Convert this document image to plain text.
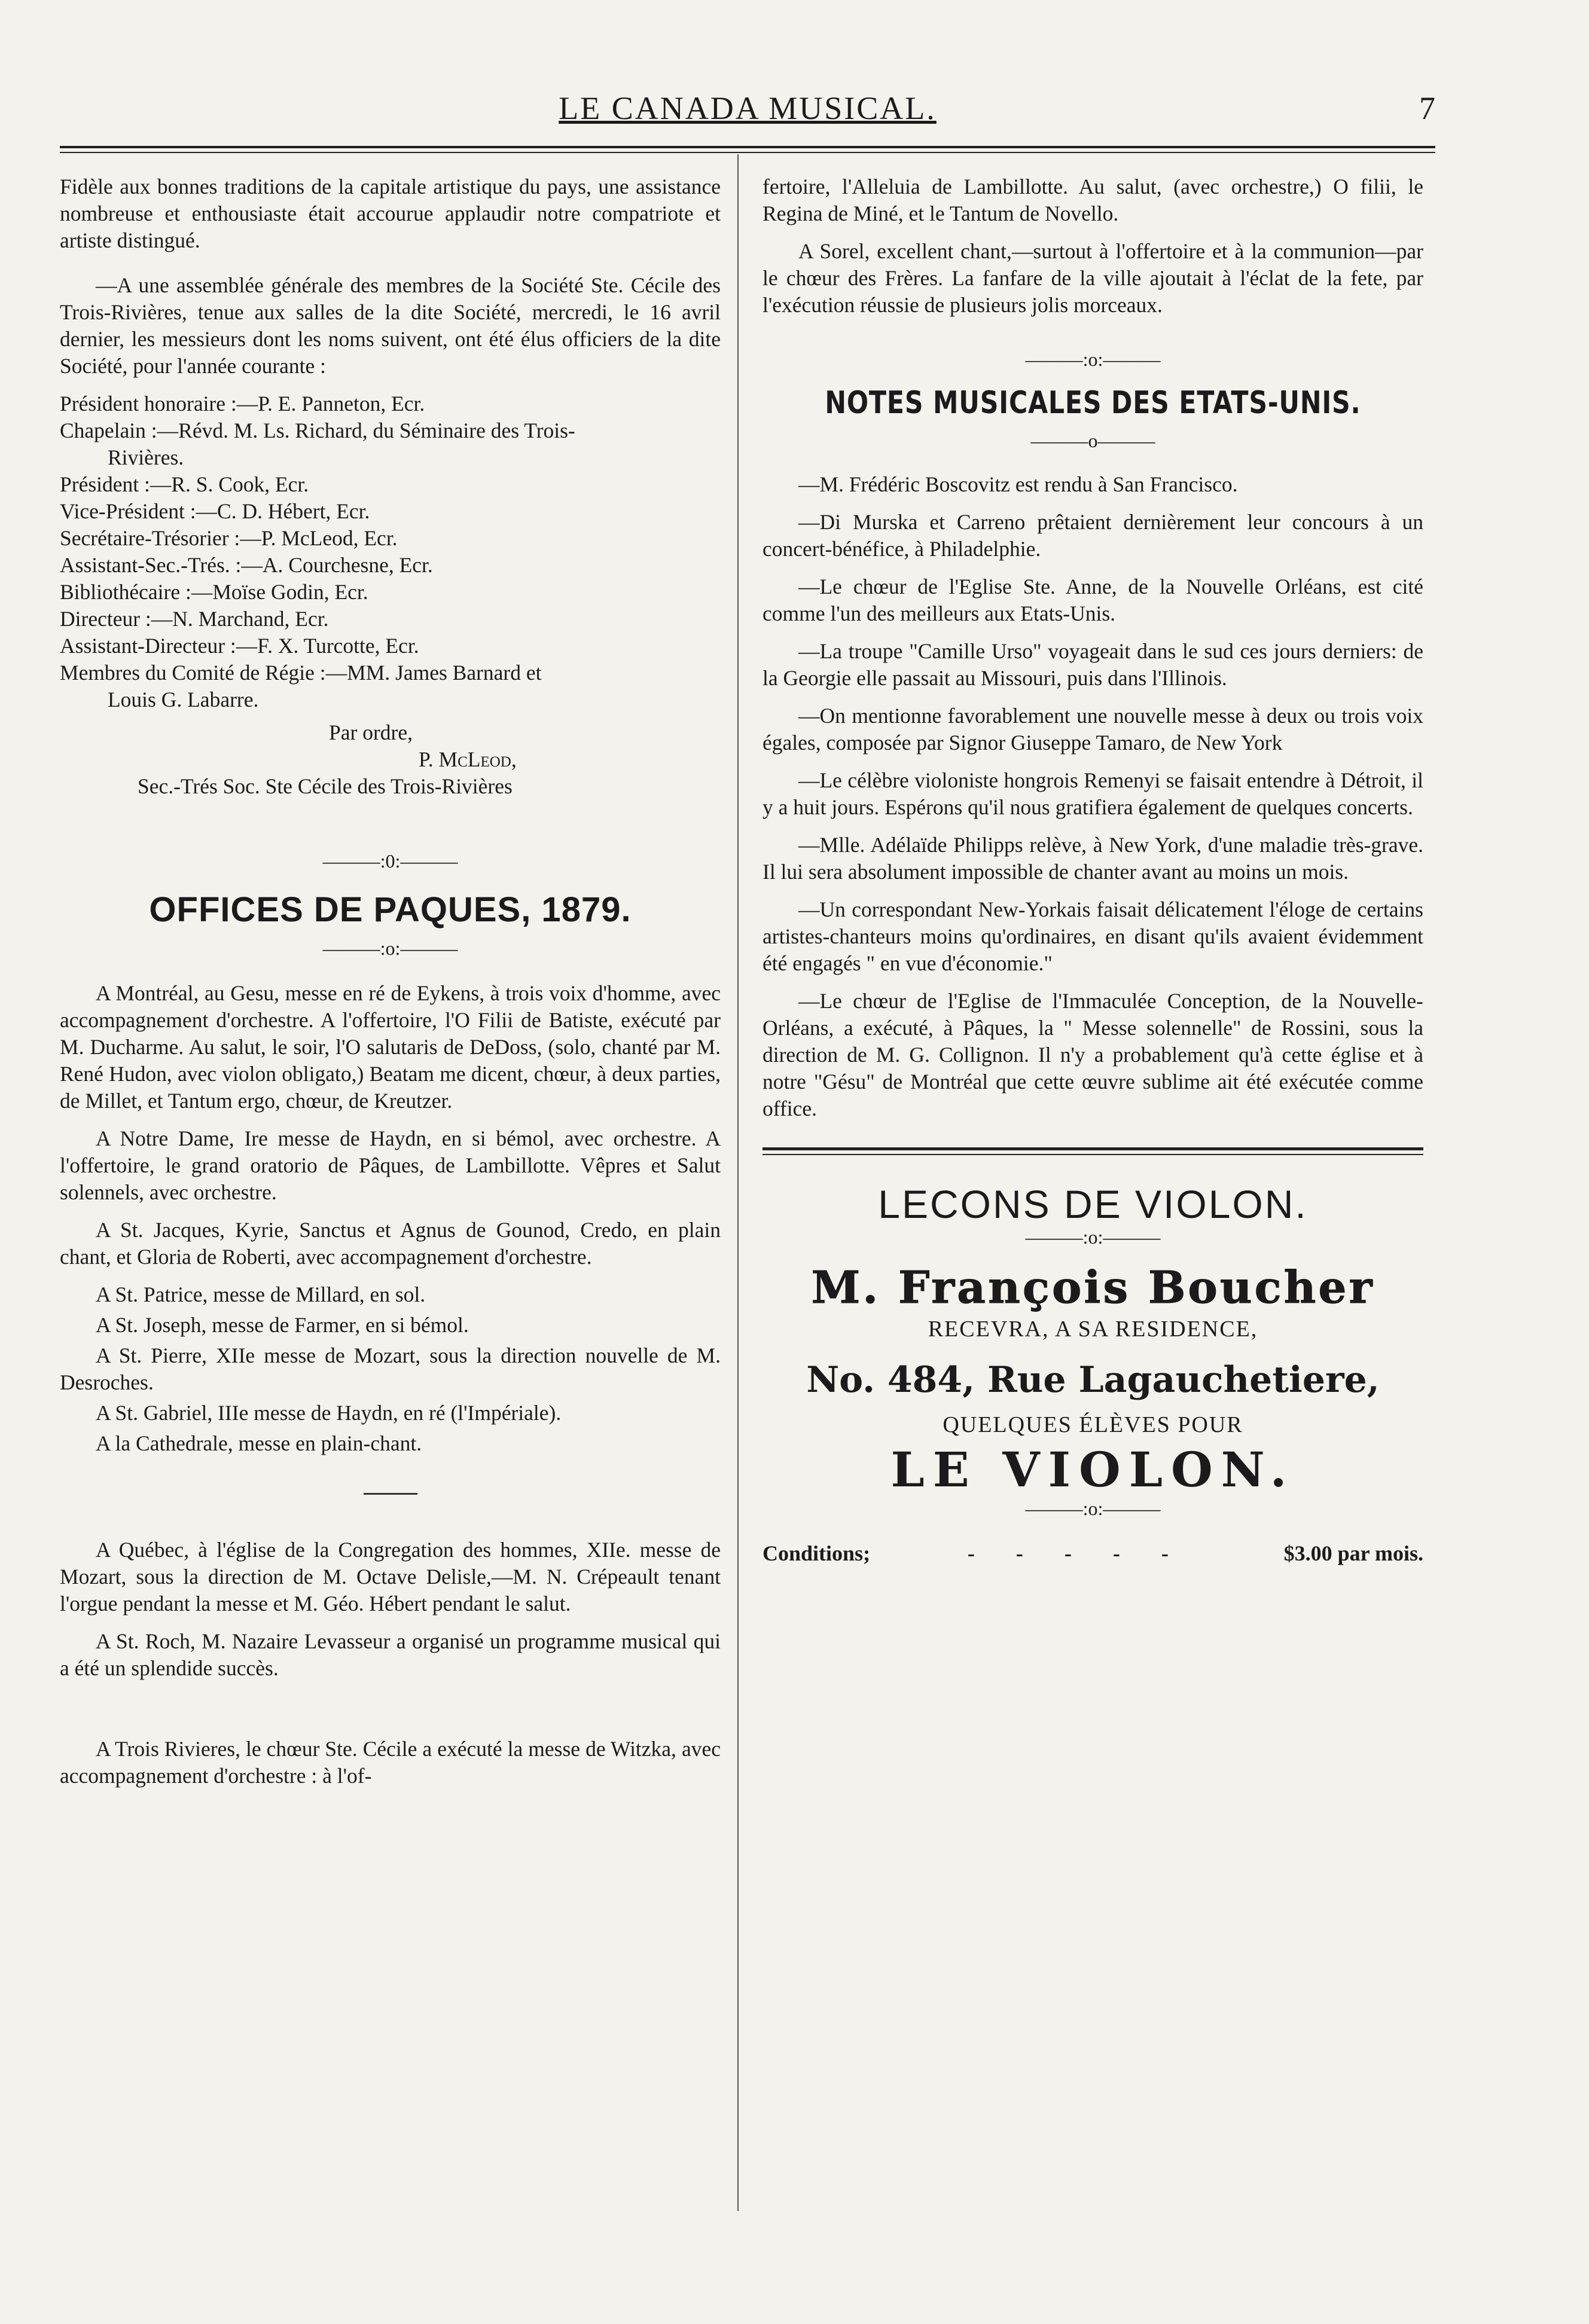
LE CANADA MUSICAL.	7

Fidèle aux bonnes traditions de la capitale artistique du pays, une assistance nombreuse et enthousiaste était accourue applaudir notre compatriote et artiste distingué.

—A une assemblée générale des membres de la Société Ste. Cécile des Trois-Rivières, tenue aux salles de la dite Société, mercredi, le 16 avril dernier, les messieurs dont les noms suivent, ont été élus officiers de la dite Société, pour l'année courante :

Président honoraire :—P. E. Panneton, Ecr.
Chapelain :—Révd. M. Ls. Richard, du Séminaire des Trois-
Rivières.
Président :—R. S. Cook, Ecr.
Vice-Président :—C. D. Hébert, Ecr.
Secrétaire-Trésorier :—P. McLeod, Ecr.
Assistant-Sec.-Trés. :—A. Courchesne, Ecr.
Bibliothécaire :—Moïse Godin, Ecr.
Directeur :—N. Marchand, Ecr.
Assistant-Directeur :—F. X. Turcotte, Ecr.
Membres du Comité de Régie :—MM. James Barnard et
Louis G. Labarre.
Par ordre,
P. McLeod,
Sec.-Trés Soc. Ste Cécile des Trois-Rivières
———:0:———
OFFICES DE PAQUES, 1879.
———:o:———

A Montréal, au Gesu, messe en ré de Eykens, à trois voix d'homme, avec accompagnement d'orchestre. A l'offertoire, l'O Filii de Batiste, exécuté par M. Ducharme. Au salut, le soir, l'O salutaris de DeDoss, (solo, chanté par M. René Hudon, avec violon obligato,) Beatam me dicent, chœur, à deux parties, de Millet, et Tantum ergo, chœur, de Kreutzer.

A Notre Dame, Ire messe de Haydn, en si bémol, avec orchestre. A l'offertoire, le grand oratorio de Pâques, de Lambillotte. Vêpres et Salut solennels, avec orchestre.

A St. Jacques, Kyrie, Sanctus et Agnus de Gounod, Credo, en plain chant, et Gloria de Roberti, avec accompagnement d'orchestre.

A St. Patrice, messe de Millard, en sol.

A St. Joseph, messe de Farmer, en si bémol.

A St. Pierre, XIIe messe de Mozart, sous la direction nouvelle de M. Desroches.

A St. Gabriel, IIIe messe de Haydn, en ré (l'Impériale).

A la Cathedrale, messe en plain-chant.

A Québec, à l'église de la Congregation des hommes, XIIe. messe de Mozart, sous la direction de M. Octave Delisle,—M. N. Crépeault tenant l'orgue pendant la messe et M. Géo. Hébert pendant le salut.

A St. Roch, M. Nazaire Levasseur a organisé un programme musical qui a été un splendide succès.

A Trois Rivieres, le chœur Ste. Cécile a exécuté la messe de Witzka, avec accompagnement d'orchestre : à l'of-

fertoire, l'Alleluia de Lambillotte. Au salut, (avec orchestre,) O filii, le Regina de Miné, et le Tantum de Novello.

A Sorel, excellent chant,—surtout à l'offertoire et à la communion—par le chœur des Frères. La fanfare de la ville ajoutait à l'éclat de la fete, par l'exécution réussie de plusieurs jolis morceaux.

———:o:———
NOTES MUSICALES DES ETATS-UNIS.
———o———

—M. Frédéric Boscovitz est rendu à San Francisco.

—Di Murska et Carreno prêtaient dernièrement leur concours à un concert-bénéfice, à Philadelphie.

—Le chœur de l'Eglise Ste. Anne, de la Nouvelle Orléans, est cité comme l'un des meilleurs aux Etats-Unis.

—La troupe "Camille Urso" voyageait dans le sud ces jours derniers: de la Georgie elle passait au Missouri, puis dans l'Illinois.

—On mentionne favorablement une nouvelle messe à deux ou trois voix égales, composée par Signor Giuseppe Tamaro, de New York

—Le célèbre violoniste hongrois Remenyi se faisait entendre à Détroit, il y a huit jours. Espérons qu'il nous gratifiera également de quelques concerts.

—Mlle. Adélaïde Philipps relève, à New York, d'une maladie très-grave. Il lui sera absolument impossible de chanter avant au moins un mois.

—Un correspondant New-Yorkais faisait délicatement l'éloge de certains artistes-chanteurs moins qu'ordinaires, en disant qu'ils avaient évidemment été engagés " en vue d'économie."

—Le chœur de l'Eglise de l'Immaculée Conception, de la Nouvelle-Orléans, a exécuté, à Pâques, la " Messe solennelle" de Rossini, sous la direction de M. G. Collignon. Il n'y a probablement qu'à cette église et à notre "Gésu" de Montréal que cette œuvre sublime ait été exécutée comme office.

LECONS DE VIOLON.
———:o:———
M. François Boucher
RECEVRA, A SA RESIDENCE,
No. 484, Rue Lagauchetiere,
QUELQUES ÉLÈVES POUR
LE VIOLON.
———:o:———
Conditions;	- - - - -	$3.00 par mois.
